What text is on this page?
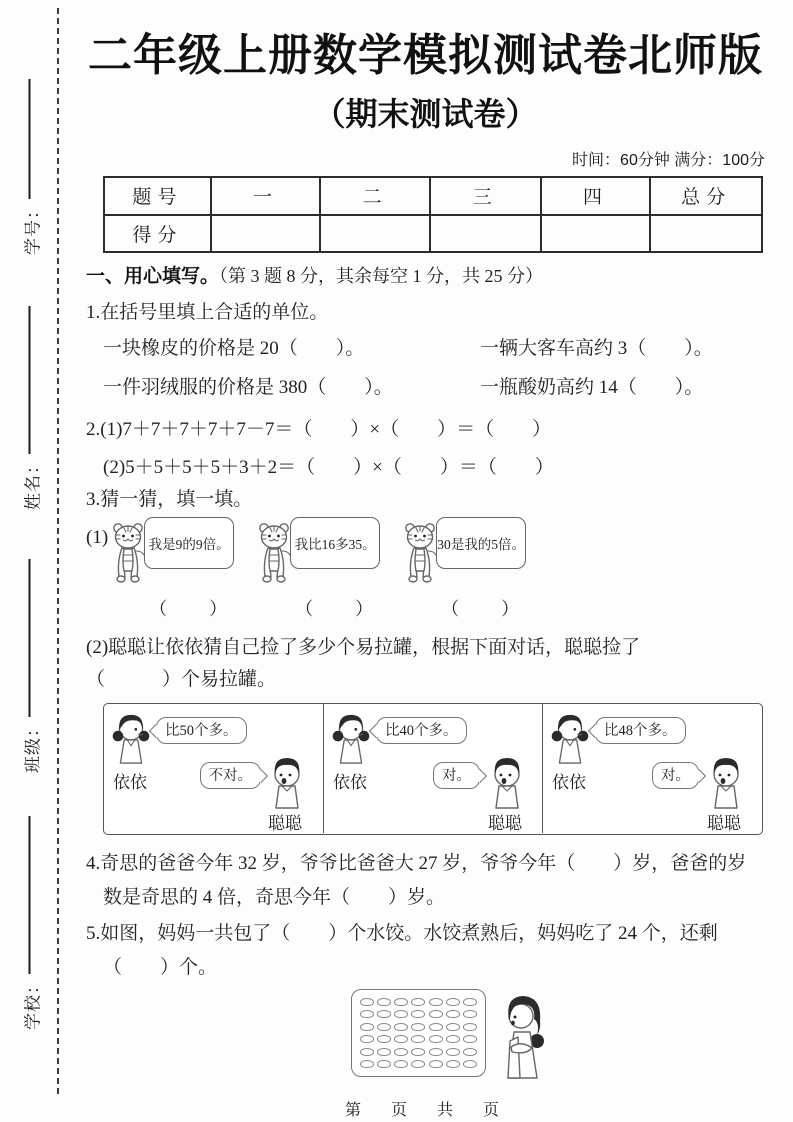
学号：
姓名：
班级：
学校：
二年级上册数学模拟测试卷北师版
（期末测试卷）
时间：60分钟 满分：100分
题号	一	二	三	四	总分
得分					
一、用心填写。（第 3 题 8 分，其余每空 1 分，共 25 分）
1.在括号里填上合适的单位。
一块橡皮的价格是 20（　　）。	一辆大客车高约 3（　　）。
一件羽绒服的价格是 380（　　）。	一瓶酸奶高约 14（　　）。
2.(1)7＋7＋7＋7＋7－7＝（　　）×（　　）＝（　　）
(2)5＋5＋5＋5＋3＋2＝（　　）×（　　）＝（　　）
3.猜一猜，填一填。
(1)	我是9的9倍。
（　　）
我比16多35。
（　　）
30是我的5倍。
（　　）
(2)聪聪让依依猜自己捡了多少个易拉罐，根据下面对话，聪聪捡了
（　　　）个易拉罐。
比50个多。
依依	不对。
聪聪
比40个多。
依依	对。
聪聪
比48个多。
依依	对。
聪聪
4.奇思的爸爸今年 32 岁，爷爷比爸爸大 27 岁，爷爷今年（　　）岁，爸爸的岁数是奇思的 4 倍，奇思今年（　　）岁。
5.如图，妈妈一共包了（　　）个水饺。水饺煮熟后，妈妈吃了 24 个，还剩（　　）个。
第　页　共　页
